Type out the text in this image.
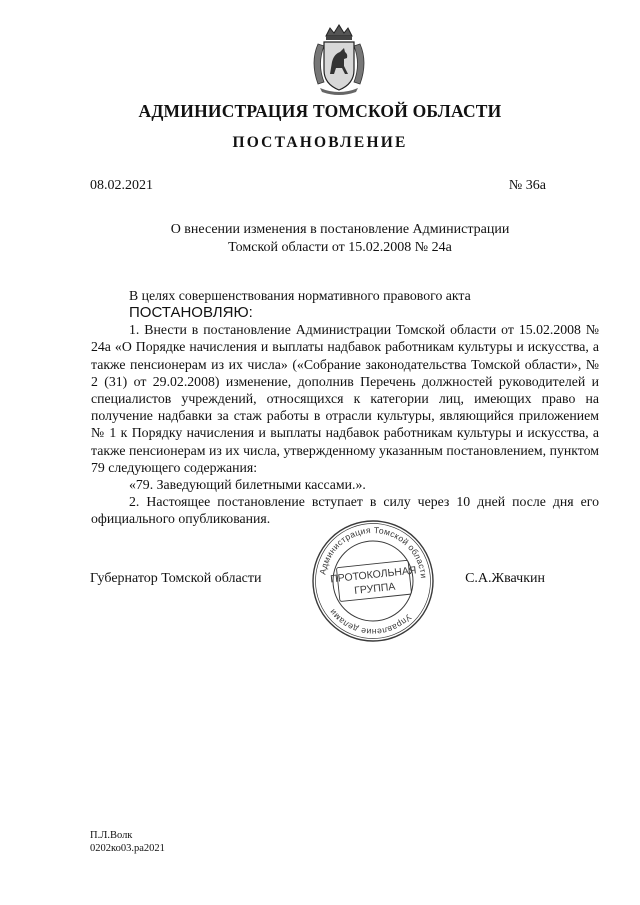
АДМИНИСТРАЦИЯ ТОМСКОЙ ОБЛАСТИ
ПОСТАНОВЛЕНИЕ
08.02.2021	№ 36а
О внесении изменения в постановление Администрации
Томской области от 15.02.2008 № 24а

В целях совершенствования нормативного правового акта

ПОСТАНОВЛЯЮ:

1. Внести в постановление Администрации Томской области от 15.02.2008 № 24а «О Порядке начисления и выплаты надбавок работникам культуры и искусства, а также пенсионерам из их числа» («Собрание законодательства Томской области», № 2 (31) от 29.02.2008) изменение, дополнив Перечень должностей руководителей и специалистов учреждений, относящихся к категории лиц, имеющих право на получение надбавки за стаж работы в отрасли культуры, являющийся приложением № 1 к Порядку начисления и выплаты надбавок работникам культуры и искусства, а также пенсионерам из их числа, утвержденному указанным постановлением, пунктом 79 следующего содержания:

«79. Заведующий билетными кассами.».

2. Настоящее постановление вступает в силу через 10 дней после дня его официального опубликования.

Губернатор Томской области	С.А.Жвачкин
Администрация Томской области
Управление делами
ПРОТОКОЛЬНАЯ
ГРУППА
П.Л.Волк
0202ко03.ра2021
